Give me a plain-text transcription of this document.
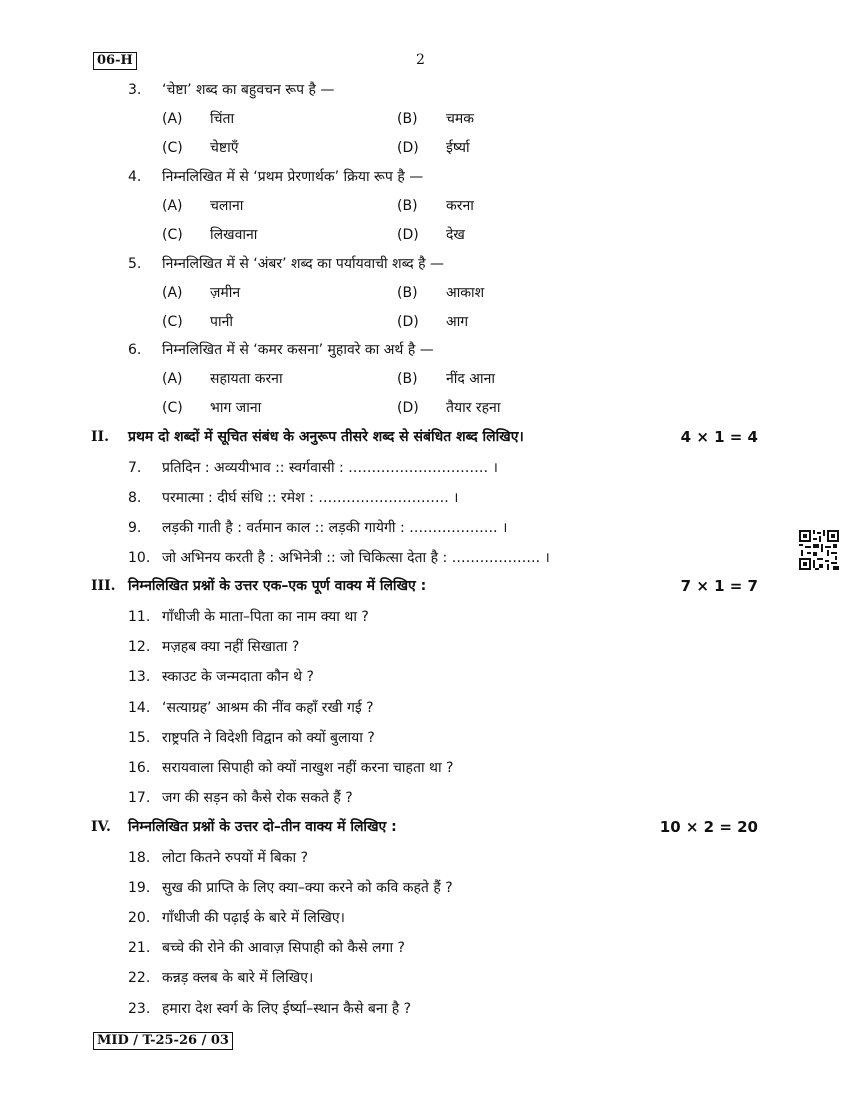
06-H	2
3. ‘चेष्टा’ शब्द का बहुवचन रूप है —
(A) चिंता	(B) चमक
(C) चेष्टाएँ	(D) ईर्ष्या
4. निम्नलिखित में से ‘प्रथम प्रेरणार्थक’ क्रिया रूप है —
(A) चलाना	(B) करना
(C) लिखवाना	(D) देख
5. निम्नलिखित में से ‘अंबर’ शब्द का पर्यायवाची शब्द है —
(A) ज़मीन	(B) आकाश
(C) पानी	(D) आग
6. निम्नलिखित में से ‘कमर कसना’ मुहावरे का अर्थ है —
(A) सहायता करना	(B) नींद आना
(C) भाग जाना	(D) तैयार रहना
II. प्रथम दो शब्दों में सूचित संबंध के अनुरूप तीसरे शब्द से संबंधित शब्द लिखिए।	4 × 1 = 4
7. प्रतिदिन : अव्ययीभाव :: स्वर्गवासी : ………………………… ।
8. परमात्मा : दीर्घ संधि :: रमेश : ………………………. ।
9. लड़की गाती है : वर्तमान काल :: लड़की गायेगी : ………………. ।
10. जो अभिनय करती है : अभिनेत्री :: जो चिकित्सा देता है : ………………. ।
III. निम्नलिखित प्रश्नों के उत्तर एक–एक पूर्ण वाक्य में लिखिए :	7 × 1 = 7
11. गाँधीजी के माता–पिता का नाम क्या था ?
12. मज़हब क्या नहीं सिखाता ?
13. स्काउट के जन्मदाता कौन थे ?
14. ‘सत्याग्रह’ आश्रम की नींव कहाँ रखी गई ?
15. राष्ट्रपति ने विदेशी विद्वान को क्यों बुलाया ?
16. सरायवाला सिपाही को क्यों नाखुश नहीं करना चाहता था ?
17. जग की सड़न को कैसे रोक सकते हैं ?
IV. निम्नलिखित प्रश्नों के उत्तर दो–तीन वाक्य में लिखिए :	10 × 2 = 20
18. लोटा कितने रुपयों में बिका ?
19. सुख की प्राप्ति के लिए क्या–क्या करने को कवि कहते हैं ?
20. गाँधीजी की पढ़ाई के बारे में लिखिए।
21. बच्चे की रोने की आवाज़ सिपाही को कैसे लगा ?
22. कन्नड़ क्लब के बारे में लिखिए।
23. हमारा देश स्वर्ग के लिए ईर्ष्या–स्थान कैसे बना है ?
MID / T-25-26 / 03
